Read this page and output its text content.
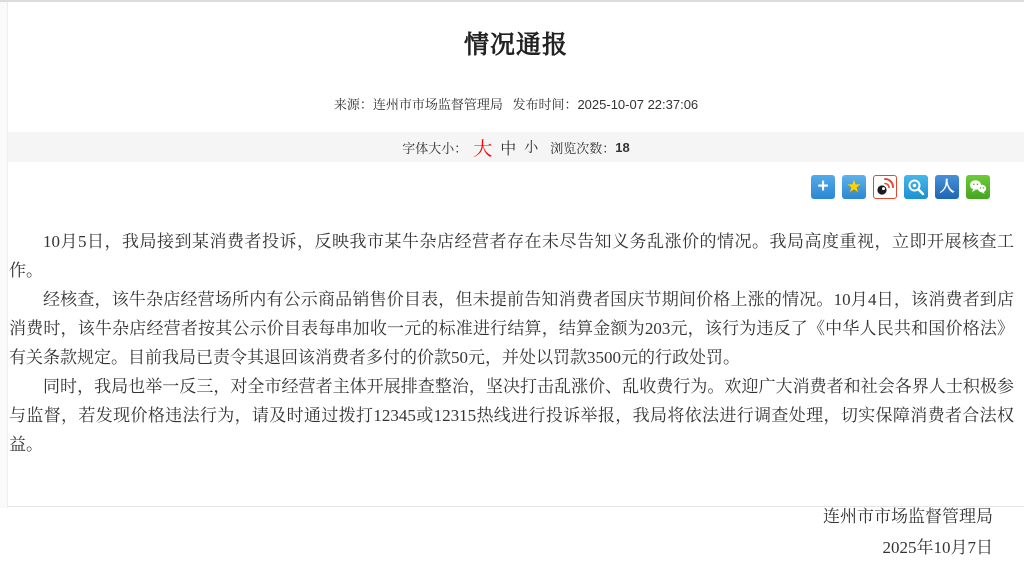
情况通报
来源：连州市市场监督管理局 发布时间：2025-10-07 22:37:06
字体大小： 大 中 小 浏览次数： 18
+	★	人

10月5日，我局接到某消费者投诉，反映我市某牛杂店经营者存在未尽告知义务乱涨价的情况。我局高度重视，立即开展核查工作。

经核查，该牛杂店经营场所内有公示商品销售价目表，但未提前告知消费者国庆节期间价格上涨的情况。10月4日，该消费者到店消费时，该牛杂店经营者按其公示价目表每串加收一元的标准进行结算，结算金额为203元，该行为违反了《中华人民共和国价格法》有关条款规定。目前我局已责令其退回该消费者多付的价款50元，并处以罚款3500元的行政处罚。

同时，我局也举一反三，对全市经营者主体开展排查整治，坚决打击乱涨价、乱收费行为。欢迎广大消费者和社会各界人士积极参与监督，若发现价格违法行为，请及时通过拨打12345或12315热线进行投诉举报，我局将依法进行调查处理，切实保障消费者合法权益。

连州市市场监督管理局
2025年10月7日
